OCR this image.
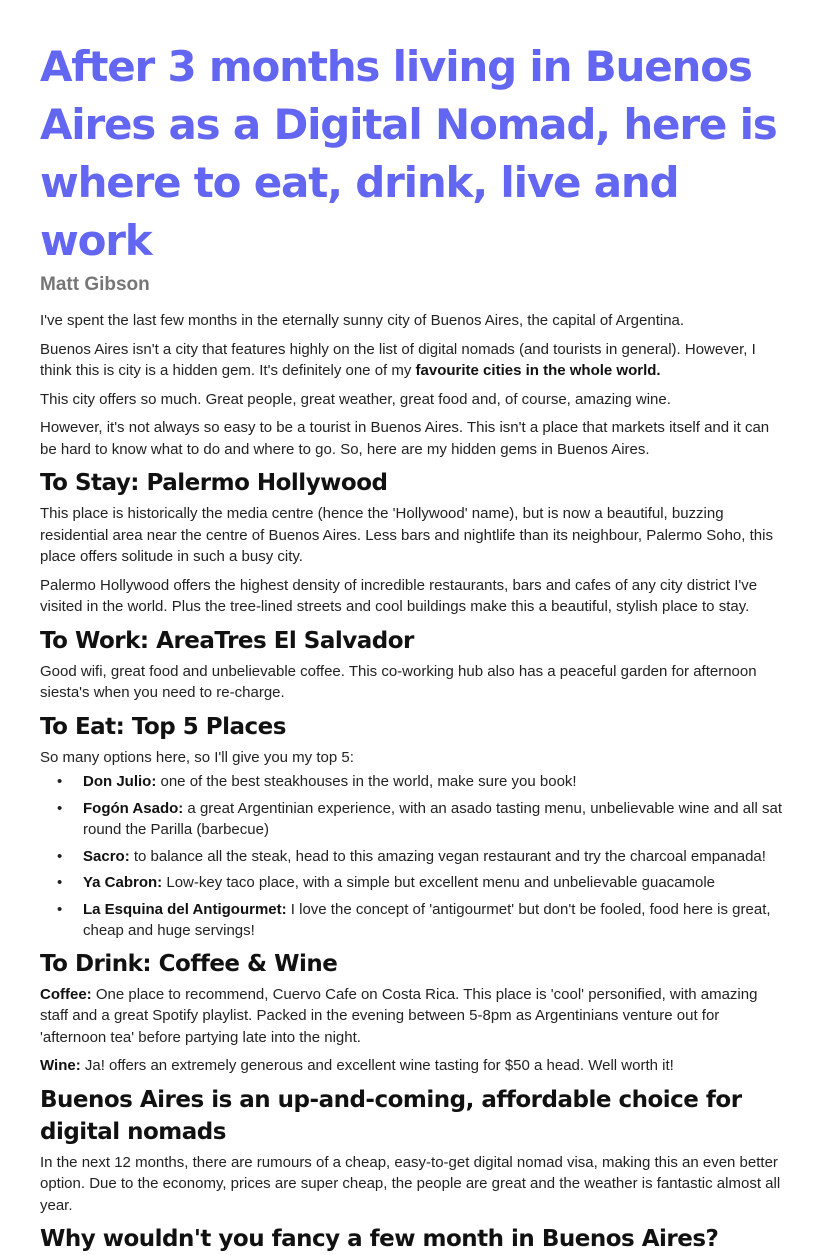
After 3 months living in Buenos Aires as a Digital Nomad, here is where to eat, drink, live and work
Matt Gibson

I've spent the last few months in the eternally sunny city of Buenos Aires, the capital of Argentina.

Buenos Aires isn't a city that features highly on the list of digital nomads (and tourists in general). However, I think this is city is a hidden gem. It's definitely one of my favourite cities in the whole world.

This city offers so much. Great people, great weather, great food and, of course, amazing wine.

However, it's not always so easy to be a tourist in Buenos Aires. This isn't a place that markets itself and it can be hard to know what to do and where to go. So, here are my hidden gems in Buenos Aires.

To Stay: Palermo Hollywood

This place is historically the media centre (hence the 'Hollywood' name), but is now a beautiful, buzzing residential area near the centre of Buenos Aires. Less bars and nightlife than its neighbour, Palermo Soho, this place offers solitude in such a busy city.

Palermo Hollywood offers the highest density of incredible restaurants, bars and cafes of any city district I've visited in the world. Plus the tree-lined streets and cool buildings make this a beautiful, stylish place to stay.

To Work: AreaTres El Salvador

Good wifi, great food and unbelievable coffee. This co-working hub also has a peaceful garden for afternoon siesta's when you need to re-charge.

To Eat: Top 5 Places

So many options here, so I'll give you my top 5:

• Don Julio: one of the best steakhouses in the world, make sure you book!
• Fogón Asado: a great Argentinian experience, with an asado tasting menu, unbelievable wine and all sat round the Parilla (barbecue)
• Sacro: to balance all the steak, head to this amazing vegan restaurant and try the charcoal empanada!
• Ya Cabron: Low-key taco place, with a simple but excellent menu and unbelievable guacamole
• La Esquina del Antigourmet: I love the concept of 'antigourmet' but don't be fooled, food here is great, cheap and huge servings!
To Drink: Coffee & Wine

Coffee: One place to recommend, Cuervo Cafe on Costa Rica. This place is 'cool' personified, with amazing staff and a great Spotify playlist. Packed in the evening between 5-8pm as Argentinians venture out for 'afternoon tea' before partying late into the night.

Wine: Ja! offers an extremely generous and excellent wine tasting for $50 a head. Well worth it!

Buenos Aires is an up-and-coming, affordable choice for digital nomads

In the next 12 months, there are rumours of a cheap, easy-to-get digital nomad visa, making this an even better option. Due to the economy, prices are super cheap, the people are great and the weather is fantastic almost all year.

Why wouldn't you fancy a few month in Buenos Aires?
